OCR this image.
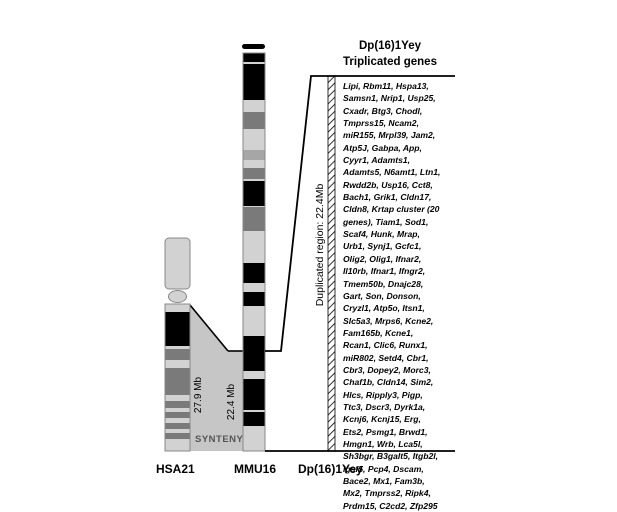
Dp(16)1Yey
Triplicated genes
Lipi, Rbm11, Hspa13,
Samsn1, Nrip1, Usp25,
Cxadr, Btg3, Chodl,
Tmprss15, Ncam2,
miR155, Mrpl39, Jam2,
Atp5J, Gabpa, App,
Cyyr1, Adamts1,
Adamts5, N6amt1, Ltn1,
Rwdd2b, Usp16, Cct8,
Bach1, Grik1, Cldn17,
Cldn8, Krtap cluster (20
genes), Tiam1, Sod1,
Scaf4, Hunk, Mrap,
Urb1, Synj1, Gcfc1,
Olig2, Olig1, Ifnar2,
Il10rb, Ifnar1, Ifngr2,
Tmem50b, Dnajc28,
Gart, Son, Donson,
Cryzl1, Atp5o, Itsn1,
Slc5a3, Mrps6, Kcne2,
Fam165b, Kcne1,
Rcan1, Clic6, Runx1,
miR802, Setd4, Cbr1,
Cbr3, Dopey2, Morc3,
Chaf1b, Cldn14, Sim2,
Hlcs, Ripply3, Pigp,
Ttc3, Dscr3, Dyrk1a,
Kcnj6, Kcnj15, Erg,
Ets2, Psmg1, Brwd1,
Hmgn1, Wrb, Lca5l,
Sh3bgr, B3galt5, Itgb2l,
Igsf5, Pcp4, Dscam,
Bace2, Mx1, Fam3b,
Mx2, Tmprss2, Ripk4,
Prdm15, C2cd2, Zfp295
Duplicated region: 22.4Mb
27.9 Mb 22.4 Mb
SYNTENY
HSA21	MMU16 Dp(16)1Yey
